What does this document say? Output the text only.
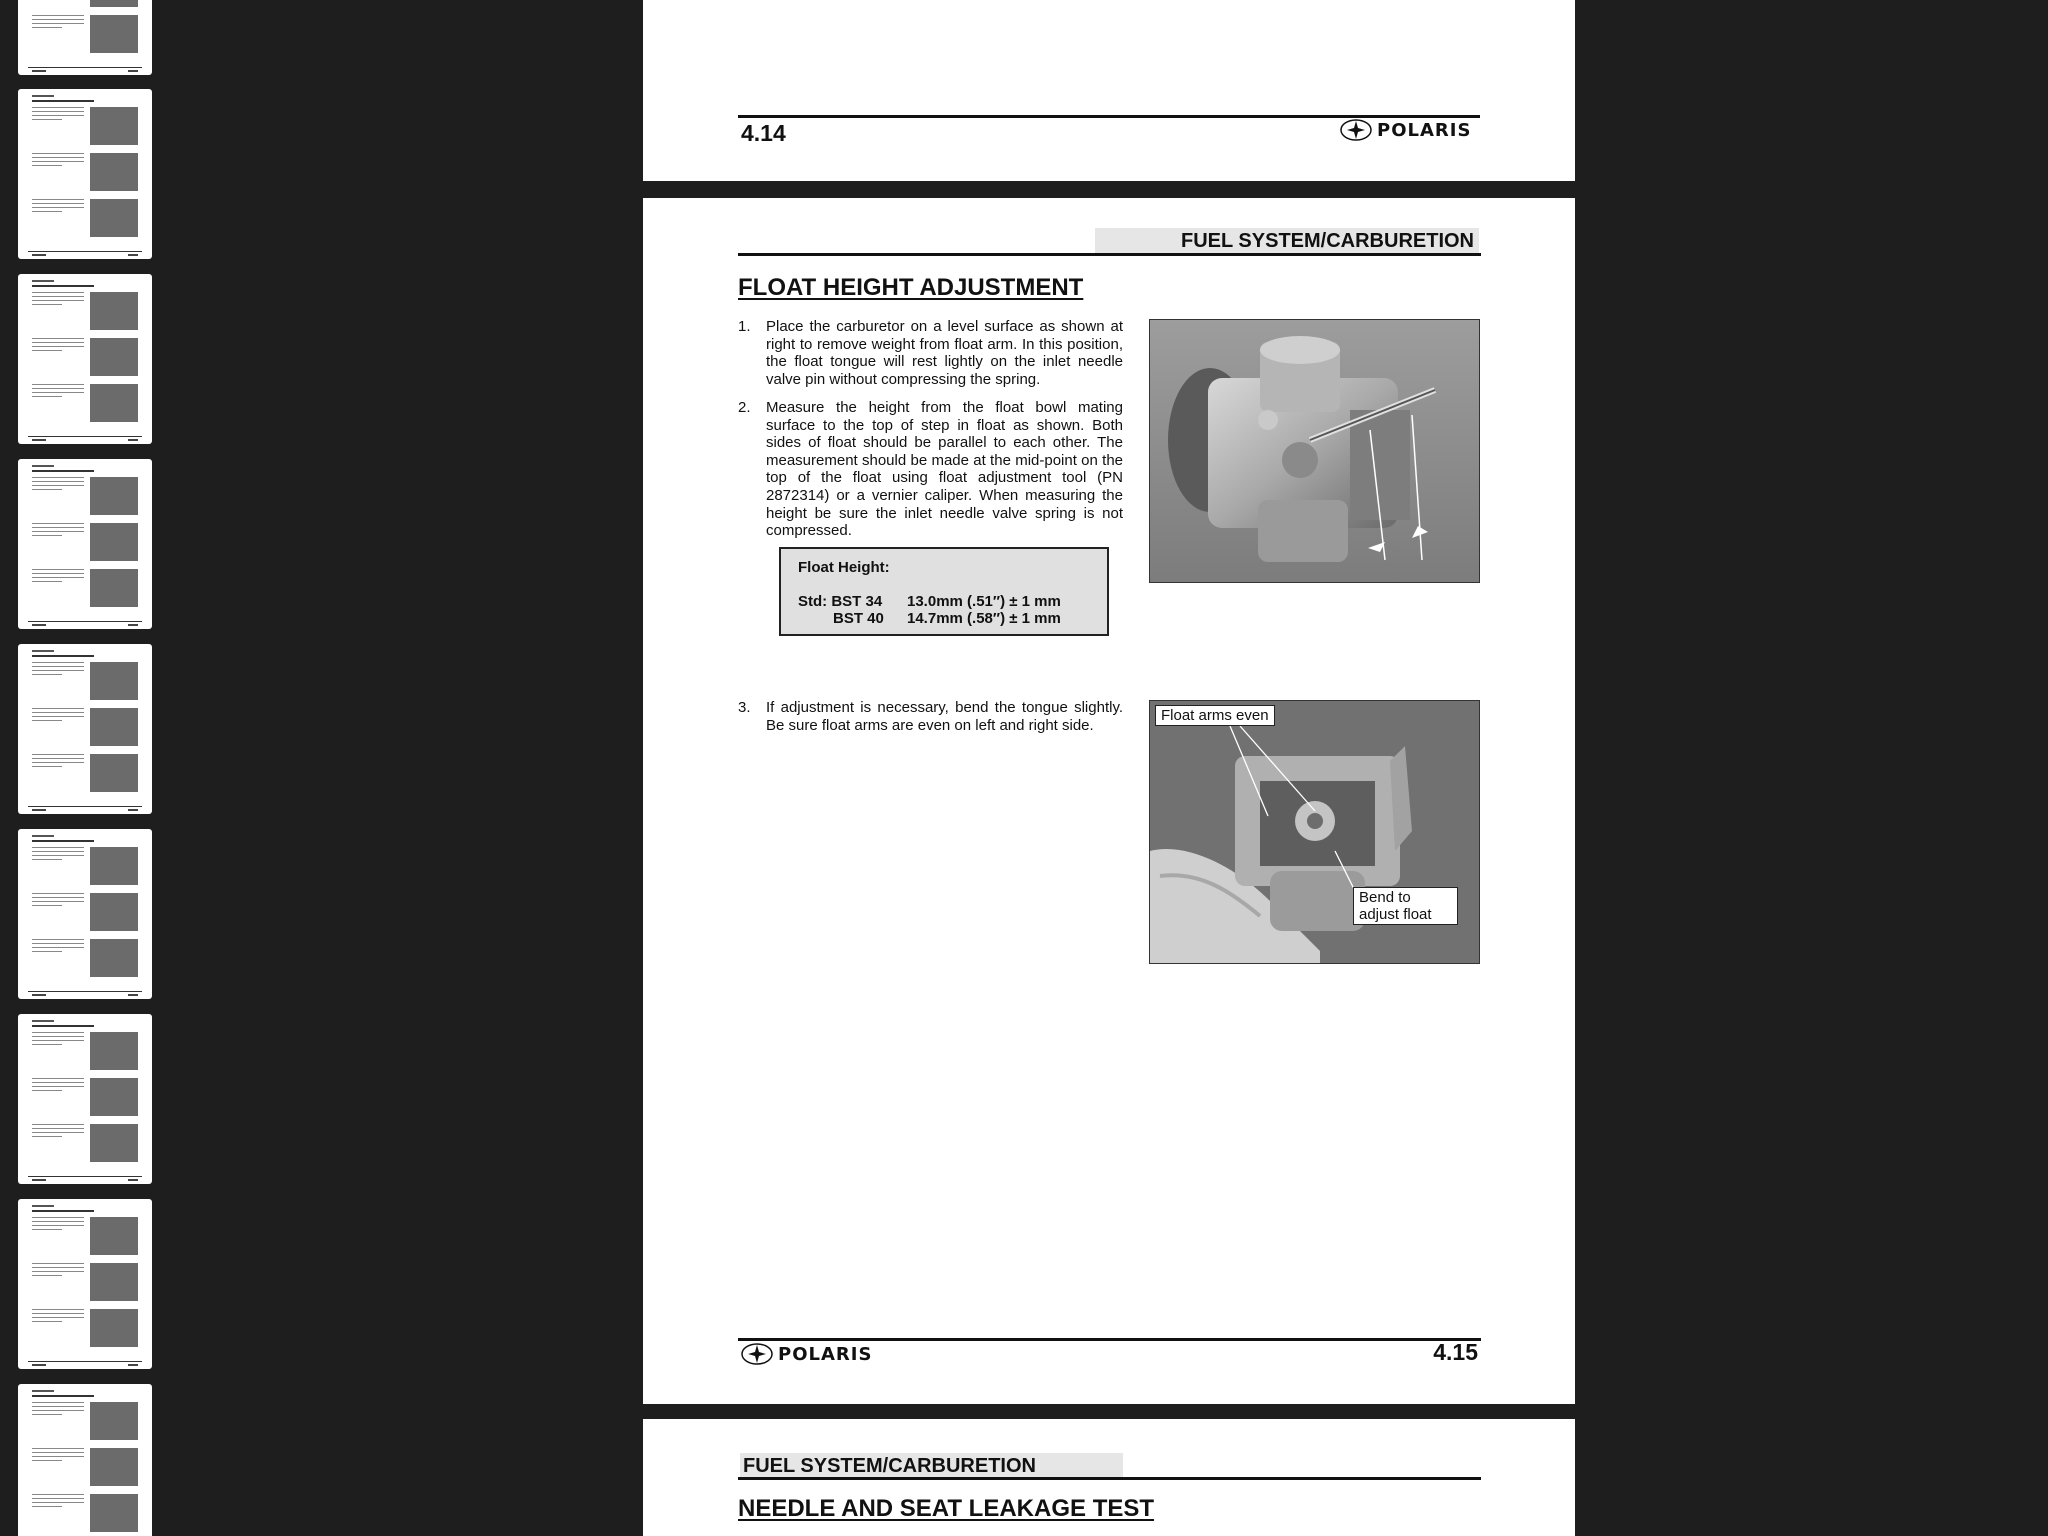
4.14	POLARIS
FUEL SYSTEM/CARBURETION
FLOAT HEIGHT ADJUSTMENT
1. Place the carburetor on a level surface as shown at right to remove weight from float arm. In this position, the float tongue will rest lightly on the inlet needle valve pin without compressing the spring.
2. Measure the height from the float bowl mating surface to the top of step in float as shown. Both sides of float should be parallel to each other. The measurement should be made at the mid-point on the top of the float using float adjustment tool (PN 2872314) or a vernier caliper. When measuring the height be sure the inlet needle valve spring is not compressed.
Float Height:
Std: BST 34 13.0mm (.51″) ± 1 mm
BST 40 14.7mm (.58″) ± 1 mm
3. If adjustment is necessary, bend the tongue slightly. Be sure float arms are even on left and right side.
Float arms even
Bend to adjust float
POLARIS	4.15
FUEL SYSTEM/CARBURETION
NEEDLE AND SEAT LEAKAGE TEST
